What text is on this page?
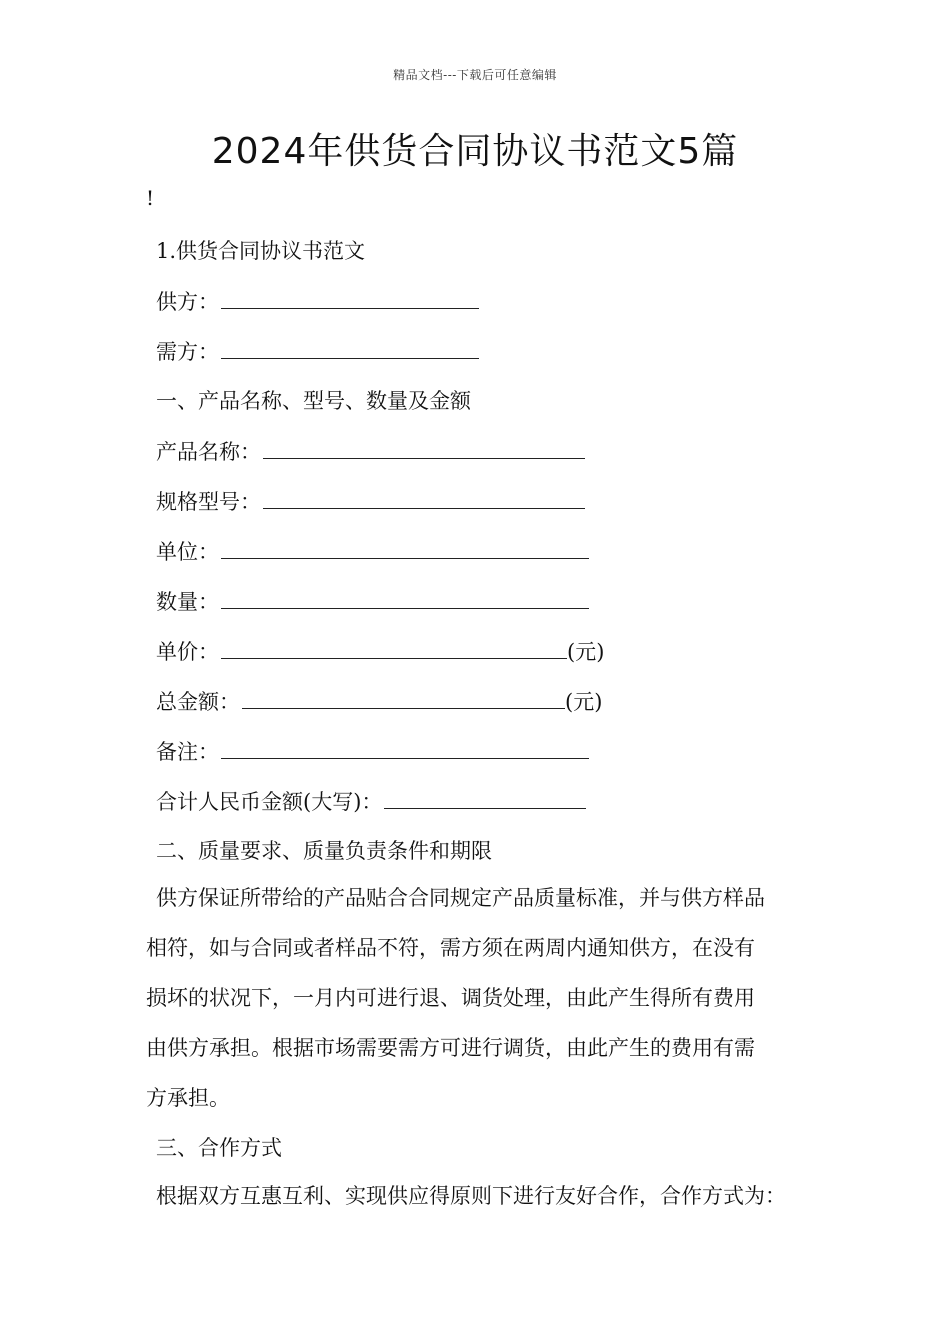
精品文档---下载后可任意编辑
2024年供货合同协议书范文5篇
!
1.供货合同协议书范文
供方：
需方：
一、产品名称、型号、数量及金额
产品名称：
规格型号：
单位：
数量：
单价：	(元)
总金额：	(元)
备注：
合计人民币金额(大写)：
二、质量要求、质量负责条件和期限
供方保证所带给的产品贴合合同规定产品质量标准，并与供方样品
相符，如与合同或者样品不符，需方须在两周内通知供方，在没有
损坏的状况下，一月内可进行退、调货处理，由此产生得所有费用
由供方承担。根据市场需要需方可进行调货，由此产生的费用有需
方承担。
三、合作方式
根据双方互惠互利、实现供应得原则下进行友好合作，合作方式为：
